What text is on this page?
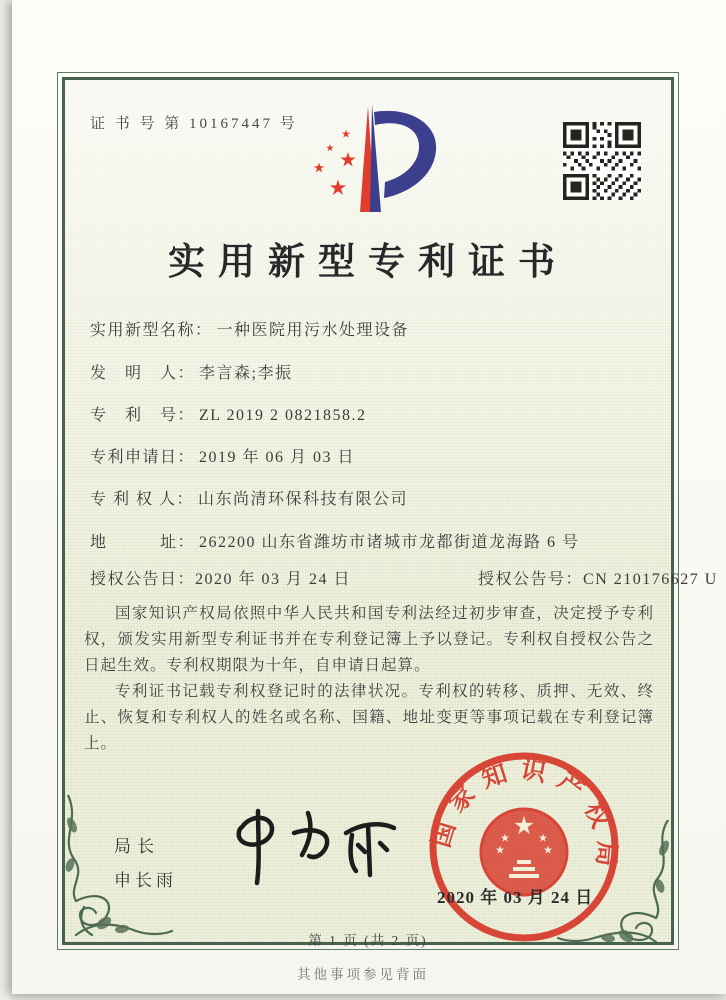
证 书 号 第 10167447 号
实用新型专利证书
实用新型名称： 一种医院用污水处理设备
发　明　人： 李言森;李振
专　利　号： ZL 2019 2 0821858.2
专利申请日： 2019 年 06 月 03 日
专 利 权 人： 山东尚清环保科技有限公司
地　　　址： 262200 山东省潍坊市诸城市龙都街道龙海路 6 号
授权公告日：2020 年 03 月 24 日	授权公告号：CN 210176627 U

国家知识产权局依照中华人民共和国专利法经过初步审查，决定授予专利权，颁发实用新型专利证书并在专利登记簿上予以登记。专利权自授权公告之日起生效。专利权期限为十年，自申请日起算。

专利证书记载专利权登记时的法律状况。专利权的转移、质押、无效、终止、恢复和专利权人的姓名或名称、国籍、地址变更等事项记载在专利登记簿上。

局长
申长雨
国家知识产权局
2020 年 03 月 24 日
第 1 页 (共 2 页)
其他事项参见背面
